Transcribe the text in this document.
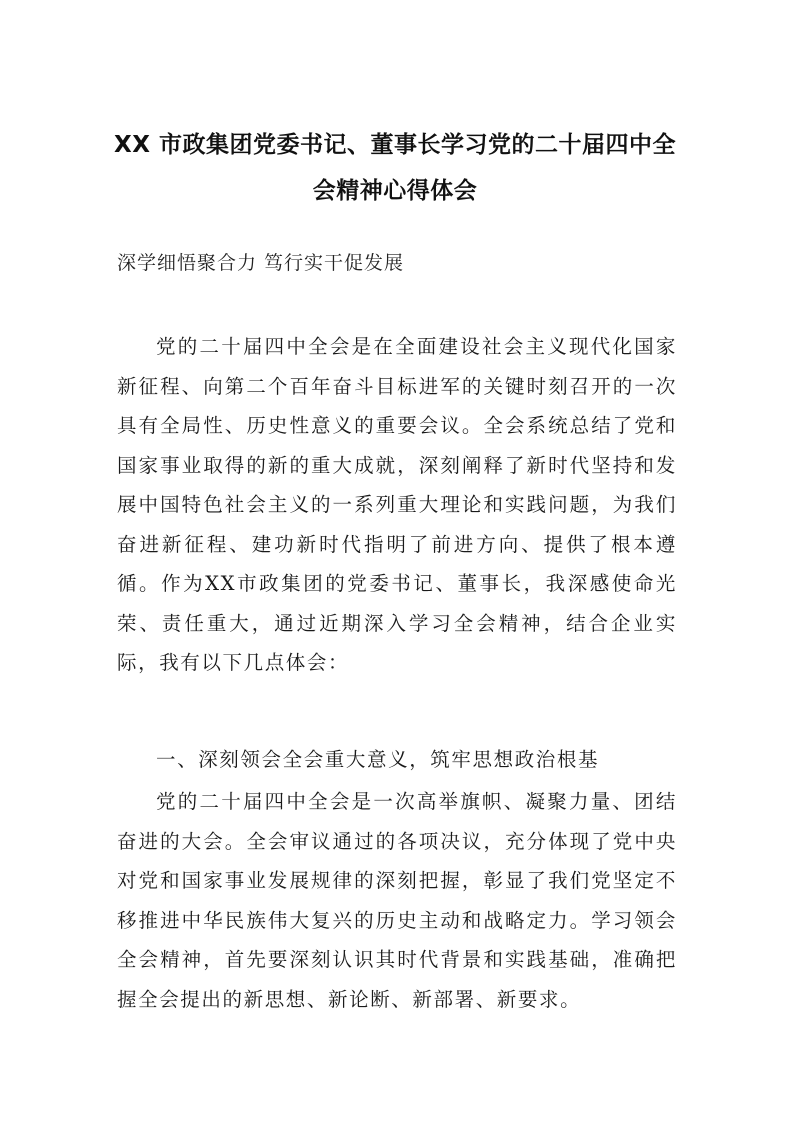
XX 市政集团党委书记、董事长学习党的二十届四中全会精神心得体会
深学细悟聚合力 笃行实干促发展
党的二十届四中全会是在全面建设社会主义现代化国家新征程、向第二个百年奋斗目标进军的关键时刻召开的一次具有全局性、历史性意义的重要会议。全会系统总结了党和国家事业取得的新的重大成就，深刻阐释了新时代坚持和发展中国特色社会主义的一系列重大理论和实践问题，为我们奋进新征程、建功新时代指明了前进方向、提供了根本遵循。作为XX市政集团的党委书记、董事长，我深感使命光荣、责任重大，通过近期深入学习全会精神，结合企业实际，我有以下几点体会：
一、深刻领会全会重大意义，筑牢思想政治根基
党的二十届四中全会是一次高举旗帜、凝聚力量、团结奋进的大会。全会审议通过的各项决议，充分体现了党中央对党和国家事业发展规律的深刻把握，彰显了我们党坚定不移推进中华民族伟大复兴的历史主动和战略定力。学习领会全会精神，首先要深刻认识其时代背景和实践基础，准确把握全会提出的新思想、新论断、新部署、新要求。
